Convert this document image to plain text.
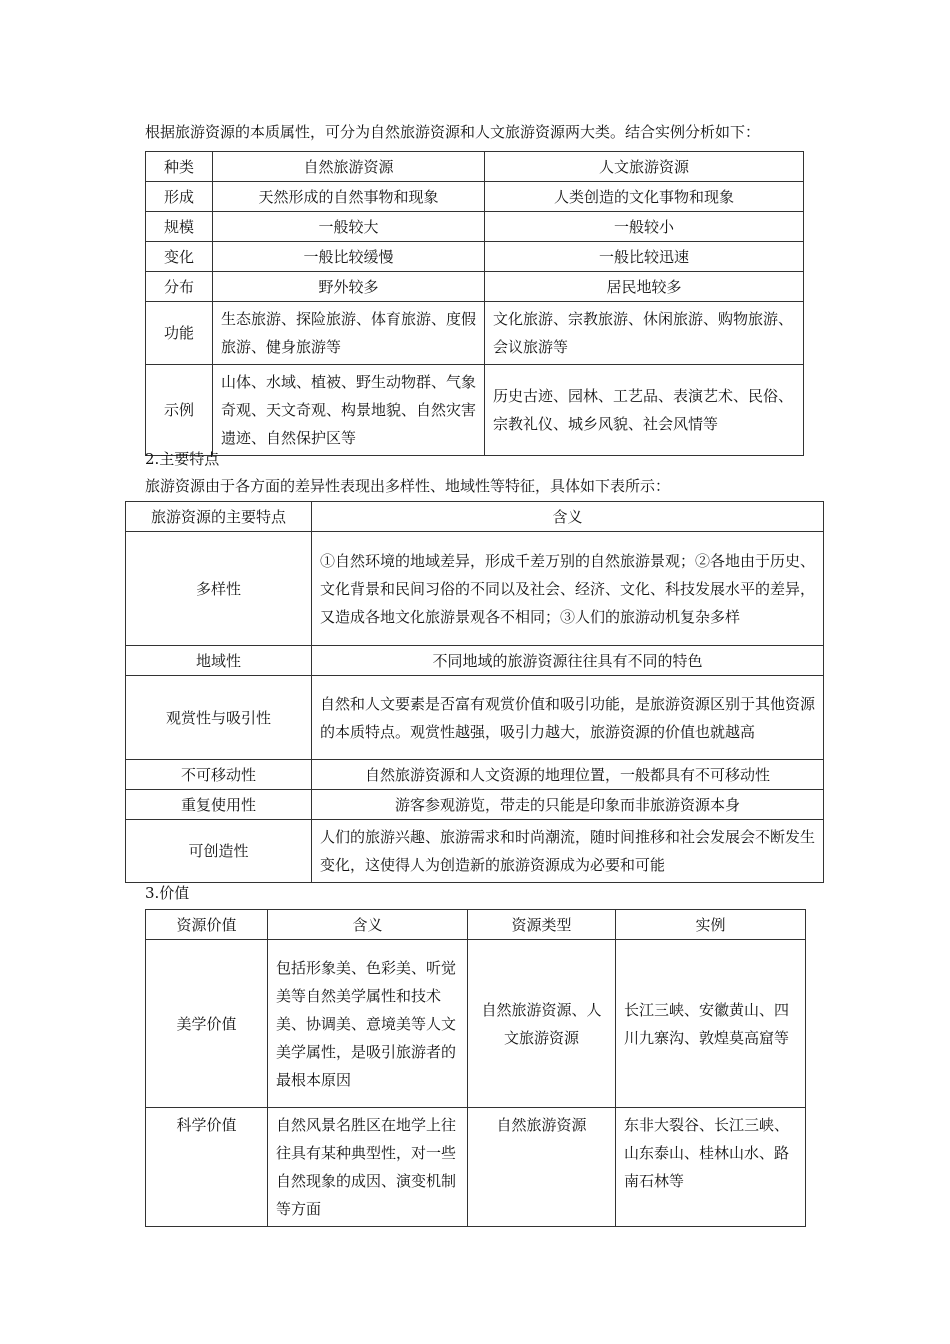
根据旅游资源的本质属性，可分为自然旅游资源和人文旅游资源两大类。结合实例分析如下：
种类	自然旅游资源	人文旅游资源
形成	天然形成的自然事物和现象	人类创造的文化事物和现象
规模	一般较大	一般较小
变化	一般比较缓慢	一般比较迅速
分布	野外较多	居民地较多
功能	生态旅游、探险旅游、体育旅游、度假旅游、健身旅游等	文化旅游、宗教旅游、休闲旅游、购物旅游、会议旅游等
示例	山体、水域、植被、野生动物群、气象奇观、天文奇观、构景地貌、自然灾害遗迹、自然保护区等	历史古迹、园林、工艺品、表演艺术、民俗、宗教礼仪、城乡风貌、社会风情等
2.主要特点
旅游资源由于各方面的差异性表现出多样性、地域性等特征，具体如下表所示：
旅游资源的主要特点	含义
多样性	①自然环境的地域差异，形成千差万别的自然旅游景观；②各地由于历史、文化背景和民间习俗的不同以及社会、经济、文化、科技发展水平的差异，又造成各地文化旅游景观各不相同；③人们的旅游动机复杂多样
地域性	不同地域的旅游资源往往具有不同的特色
观赏性与吸引性	自然和人文要素是否富有观赏价值和吸引功能，是旅游资源区别于其他资源的本质特点。观赏性越强，吸引力越大，旅游资源的价值也就越高
不可移动性	自然旅游资源和人文资源的地理位置，一般都具有不可移动性
重复使用性	游客参观游览，带走的只能是印象而非旅游资源本身
可创造性	人们的旅游兴趣、旅游需求和时尚潮流，随时间推移和社会发展会不断发生变化，这使得人为创造新的旅游资源成为必要和可能
3.价值
资源价值	含义	资源类型	实例
美学价值	包括形象美、色彩美、听觉美等自然美学属性和技术美、协调美、意境美等人文美学属性，是吸引旅游者的最根本原因	自然旅游资源、人文旅游资源	长江三峡、安徽黄山、四川九寨沟、敦煌莫高窟等
科学价值	自然风景名胜区在地学上往往具有某种典型性，对一些自然现象的成因、演变机制等方面	自然旅游资源	东非大裂谷、长江三峡、山东泰山、桂林山水、路南石林等
